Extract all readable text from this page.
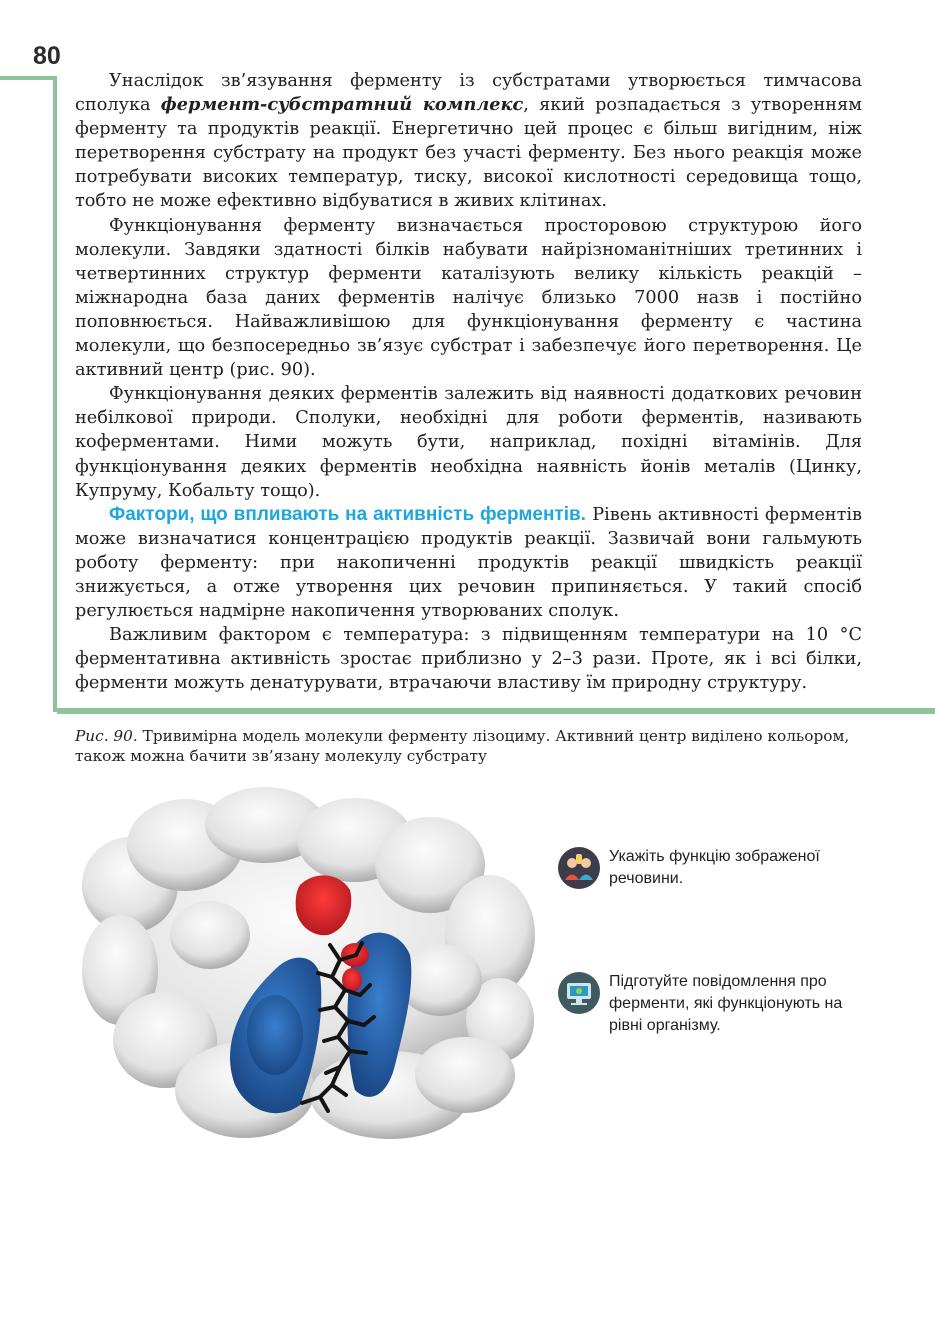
80

Унаслідок зв’язування ферменту із субстратами утворюється тимчасова сполука фермент-субстратний комплекс, який розпадається з утворенням ферменту та продуктів реакції. Енергетично цей процес є більш вигідним, ніж перетворення субстрату на продукт без участі ферменту. Без нього реакція може потребувати високих температур, тиску, високої кислотності середовища тощо, тобто не може ефективно відбуватися в живих клітинах.

Функціонування ферменту визначається просторовою структурою його молекули. Завдяки здатності білків набувати найрізноманітніших третинних і четвертинних структур ферменти каталізують велику кількість реакцій – міжнародна база даних ферментів налічує близько 7000 назв і постійно поповнюється. Найважливішою для функціонування ферменту є частина молекули, що безпосередньо зв’язує субстрат і забезпечує його перетворення. Це активний центр (рис. 90).

Функціонування деяких ферментів залежить від наявності додаткових речовин небілкової природи. Сполуки, необхідні для роботи ферментів, називають коферментами. Ними можуть бути, наприклад, похідні вітамінів. Для функціонування деяких ферментів необхідна наявність йонів металів (Цинку, Купруму, Кобальту тощо).

Фактори, що впливають на активність ферментів. Рівень активності ферментів може визначатися концентрацією продуктів реакції. Зазвичай вони гальмують роботу ферменту: при накопиченні продуктів реакції швидкість реакції знижується, а отже утворення цих речовин припиняється. У такий спосіб регулюється надмірне накопичення утворюваних сполук.

Важливим фактором є температура: з підвищенням температури на 10 °C ферментативна активність зростає приблизно у 2–3 рази. Проте, як і всі білки, ферменти можуть денатурувати, втрачаючи властиву їм природну структуру.

Рис. 90. Тривимірна модель молекули ферменту лізоциму. Активний центр виділено кольором, також можна бачити зв’язану молекулу субстрату
Укажіть функцію зображеної речовини.
Підготуйте повідомлення про ферменти, які функціонують на рівні організму.
